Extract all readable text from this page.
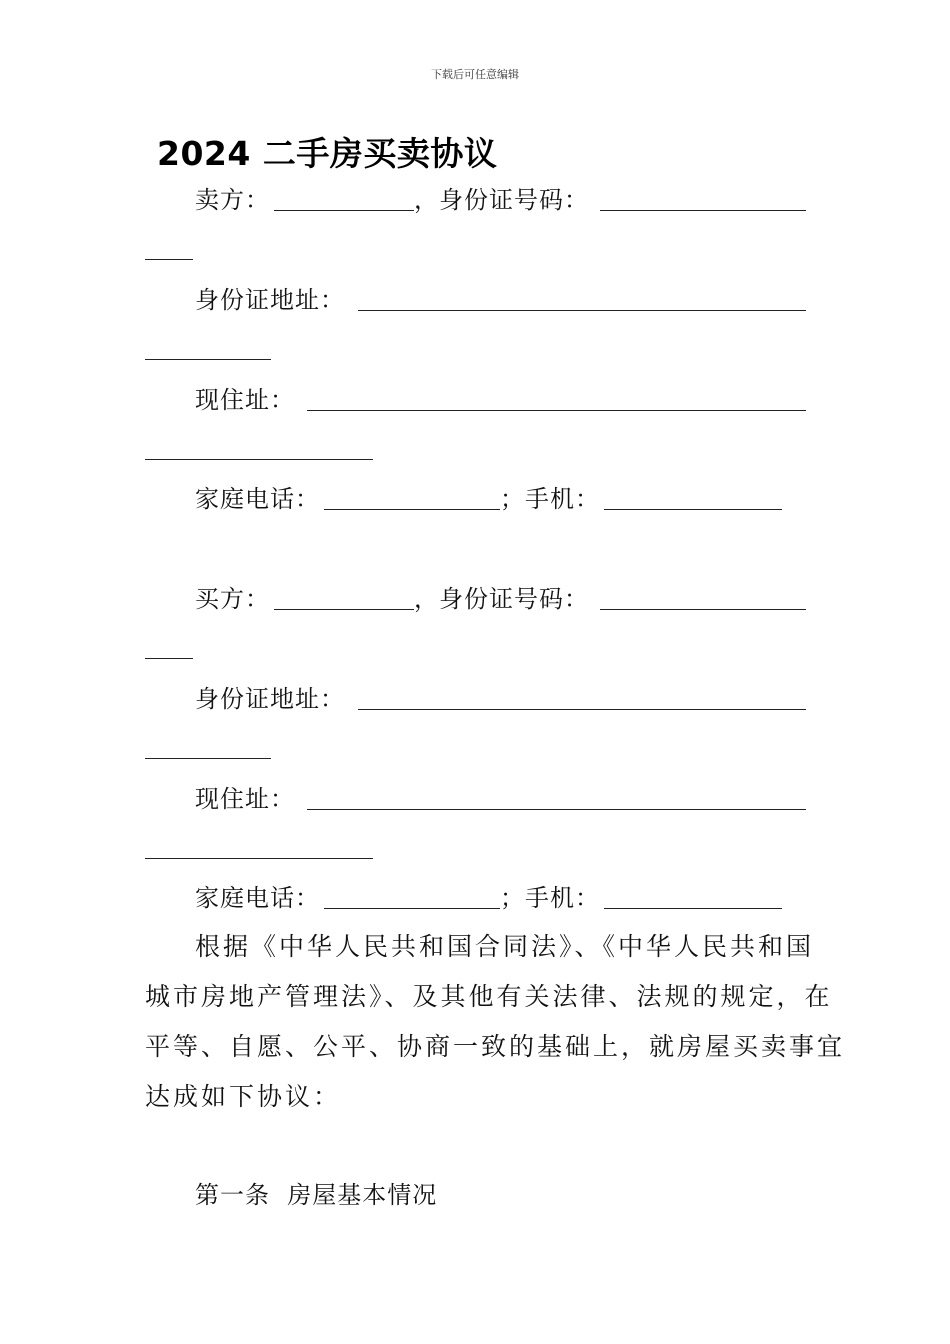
下载后可任意编辑
2024 二手房买卖协议
卖方：	，身份证号码：
身份证地址：
现住址：
家庭电话：	；手机：
买方：	，身份证号码：
身份证地址：
现住址：
家庭电话：	；手机：
根据《中华人民共和国合同法》、《中华人民共和国
城市房地产管理法》、及其他有关法律、法规的规定，在
平等、自愿、公平、协商一致的基础上，就房屋买卖事宜
达成如下协议：
第一条  房屋基本情况
